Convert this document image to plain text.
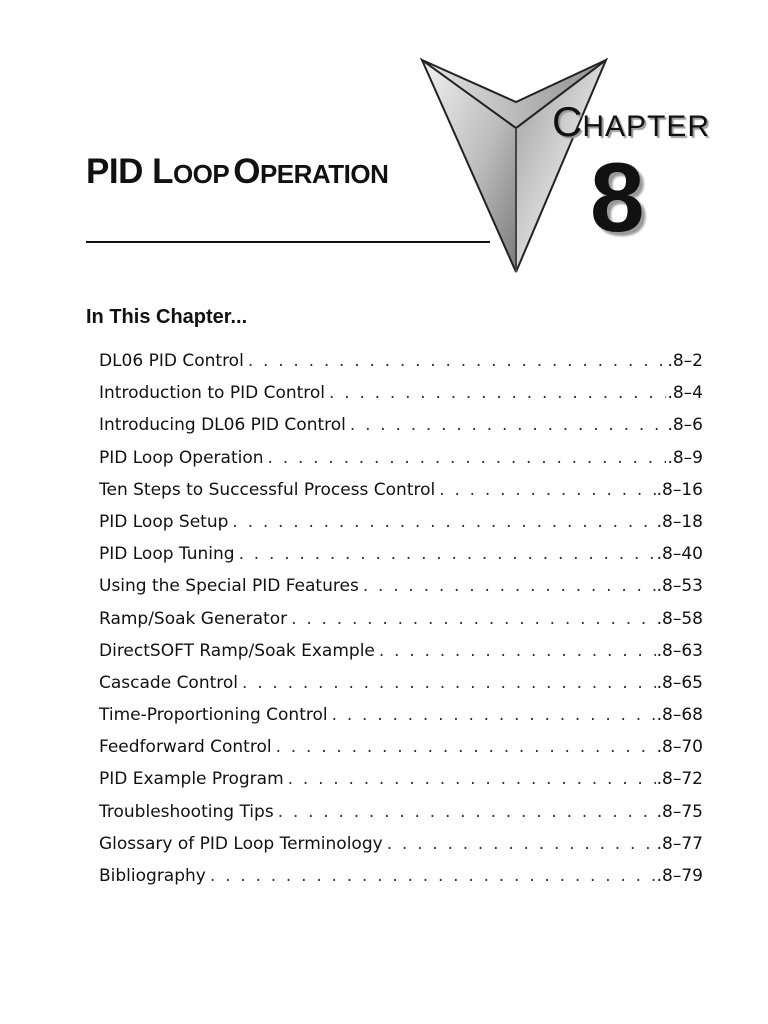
PID LOOP OPERATION
CHAPTER
8
In This Chapter...
DL06 PID Control . . .	.8–2
Introduction to PID Control . . .	.8–4
Introducing DL06 PID Control . . .	.8–6
PID Loop Operation . . .	.8–9
Ten Steps to Successful Process Control . . .	.8–16
PID Loop Setup . . .	.8–18
PID Loop Tuning . . .	.8–40
Using the Special PID Features . . .	.8–53
Ramp/Soak Generator . . .	.8–58
DirectSOFT Ramp/Soak Example . . .	.8–63
Cascade Control . . .	.8–65
Time-Proportioning Control . . .	.8–68
Feedforward Control . . .	.8–70
PID Example Program . . .	.8–72
Troubleshooting Tips . . .	.8–75
Glossary of PID Loop Terminology . . .	.8–77
Bibliography . . .	.8–79
